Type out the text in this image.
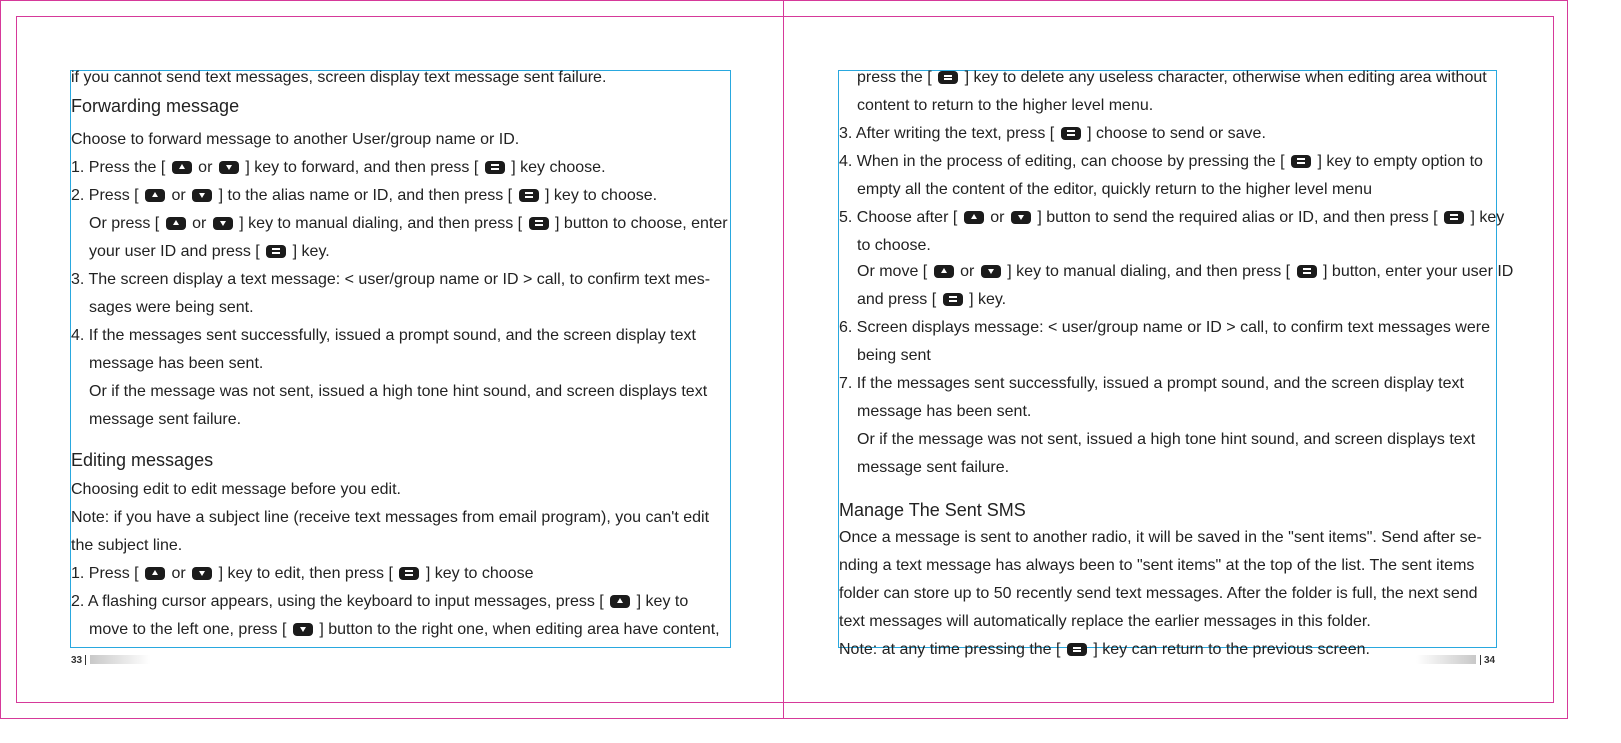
if you cannot send text messages, screen display text message sent failure.
Forwarding message
Choose to forward message to another User/group name or ID.
1. Press the [ or ] key to forward, and then press [ ] key choose.
2. Press [ or ] to the alias name or ID, and then press [ ] key to choose.
Or press [ or ] key to manual dialing, and then press [ ] button to choose, enter
your user ID and press [ ] key.
3. The screen display a text message: < user/group name or ID > call, to confirm text mes-
sages were being sent.
4. If the messages sent successfully, issued a prompt sound, and the screen display text
message has been sent.
Or if the message was not sent, issued a high tone hint sound, and screen displays text
message sent failure.
Editing messages
Choosing edit to edit message before you edit.
Note: if you have a subject line (receive text messages from email program), you can't edit
the subject line.
1. Press [ or ] key to edit, then press [ ] key to choose
2. A flashing cursor appears, using the keyboard to input messages, press [ ] key to
move to the left one, press [ ] button to the right one, when editing area have content,
33
press the [ ] key to delete any useless character, otherwise when editing area without
content to return to the higher level menu.
3. After writing the text, press [ ] choose to send or save.
4. When in the process of editing, can choose by pressing the [ ] key to empty option to
empty all the content of the editor, quickly return to the higher level menu
5. Choose after [ or ] button to send the required alias or ID, and then press [ ] key
to choose.
Or move [ or ] key to manual dialing, and then press [ ] button, enter your user ID
and press [ ] key.
6. Screen displays message: < user/group name or ID > call, to confirm text messages were
being sent
7. If the messages sent successfully, issued a prompt sound, and the screen display text
message has been sent.
Or if the message was not sent, issued a high tone hint sound, and screen displays text
message sent failure.
Manage The Sent SMS
Once a message is sent to another radio, it will be saved in the "sent items". Send after se-
nding a text message has always been to "sent items" at the top of the list. The sent items
folder can store up to 50 recently send text messages. After the folder is full, the next send
text messages will automatically replace the earlier messages in this folder.
Note: at any time pressing the [ ] key can return to the previous screen.
34
